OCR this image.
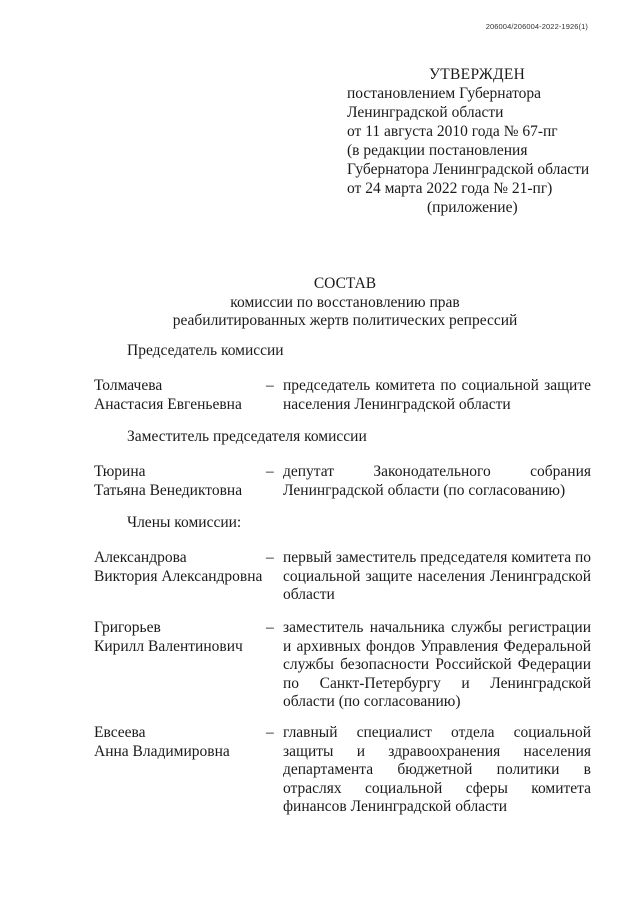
206004/206004-2022-1926(1)
УТВЕРЖДЕН
постановлением Губернатора
Ленинградской области
от 11 августа 2010 года № 67-пг
(в редакции постановления
Губернатора Ленинградской области
от 24 марта 2022 года № 21-пг)
(приложение)
СОСТАВ
комиссии по восстановлению прав
реабилитированных жертв политических репрессий
Председатель комиссии
Толмачева
Анастасия Евгеньевна
– председатель комитета по социальной защите населения Ленинградской области
Заместитель председателя комиссии
Тюрина
Татьяна Венедиктовна
– депутат Законодательного собрания Ленинградской области (по согласованию)
Члены комиссии:
Александрова
Виктория Александровна
– первый заместитель председателя комитета по социальной защите населения Ленинградской области
Григорьев
Кирилл Валентинович
– заместитель начальника службы регистрации и архивных фондов Управления Федеральной службы безопасности Российской Федерации по Санкт-Петербургу и Ленинградской области (по согласованию)
Евсеева
Анна Владимировна
– главный специалист отдела социальной защиты и здравоохранения населения департамента бюджетной политики в отраслях социальной сферы комитета финансов Ленинградской области
